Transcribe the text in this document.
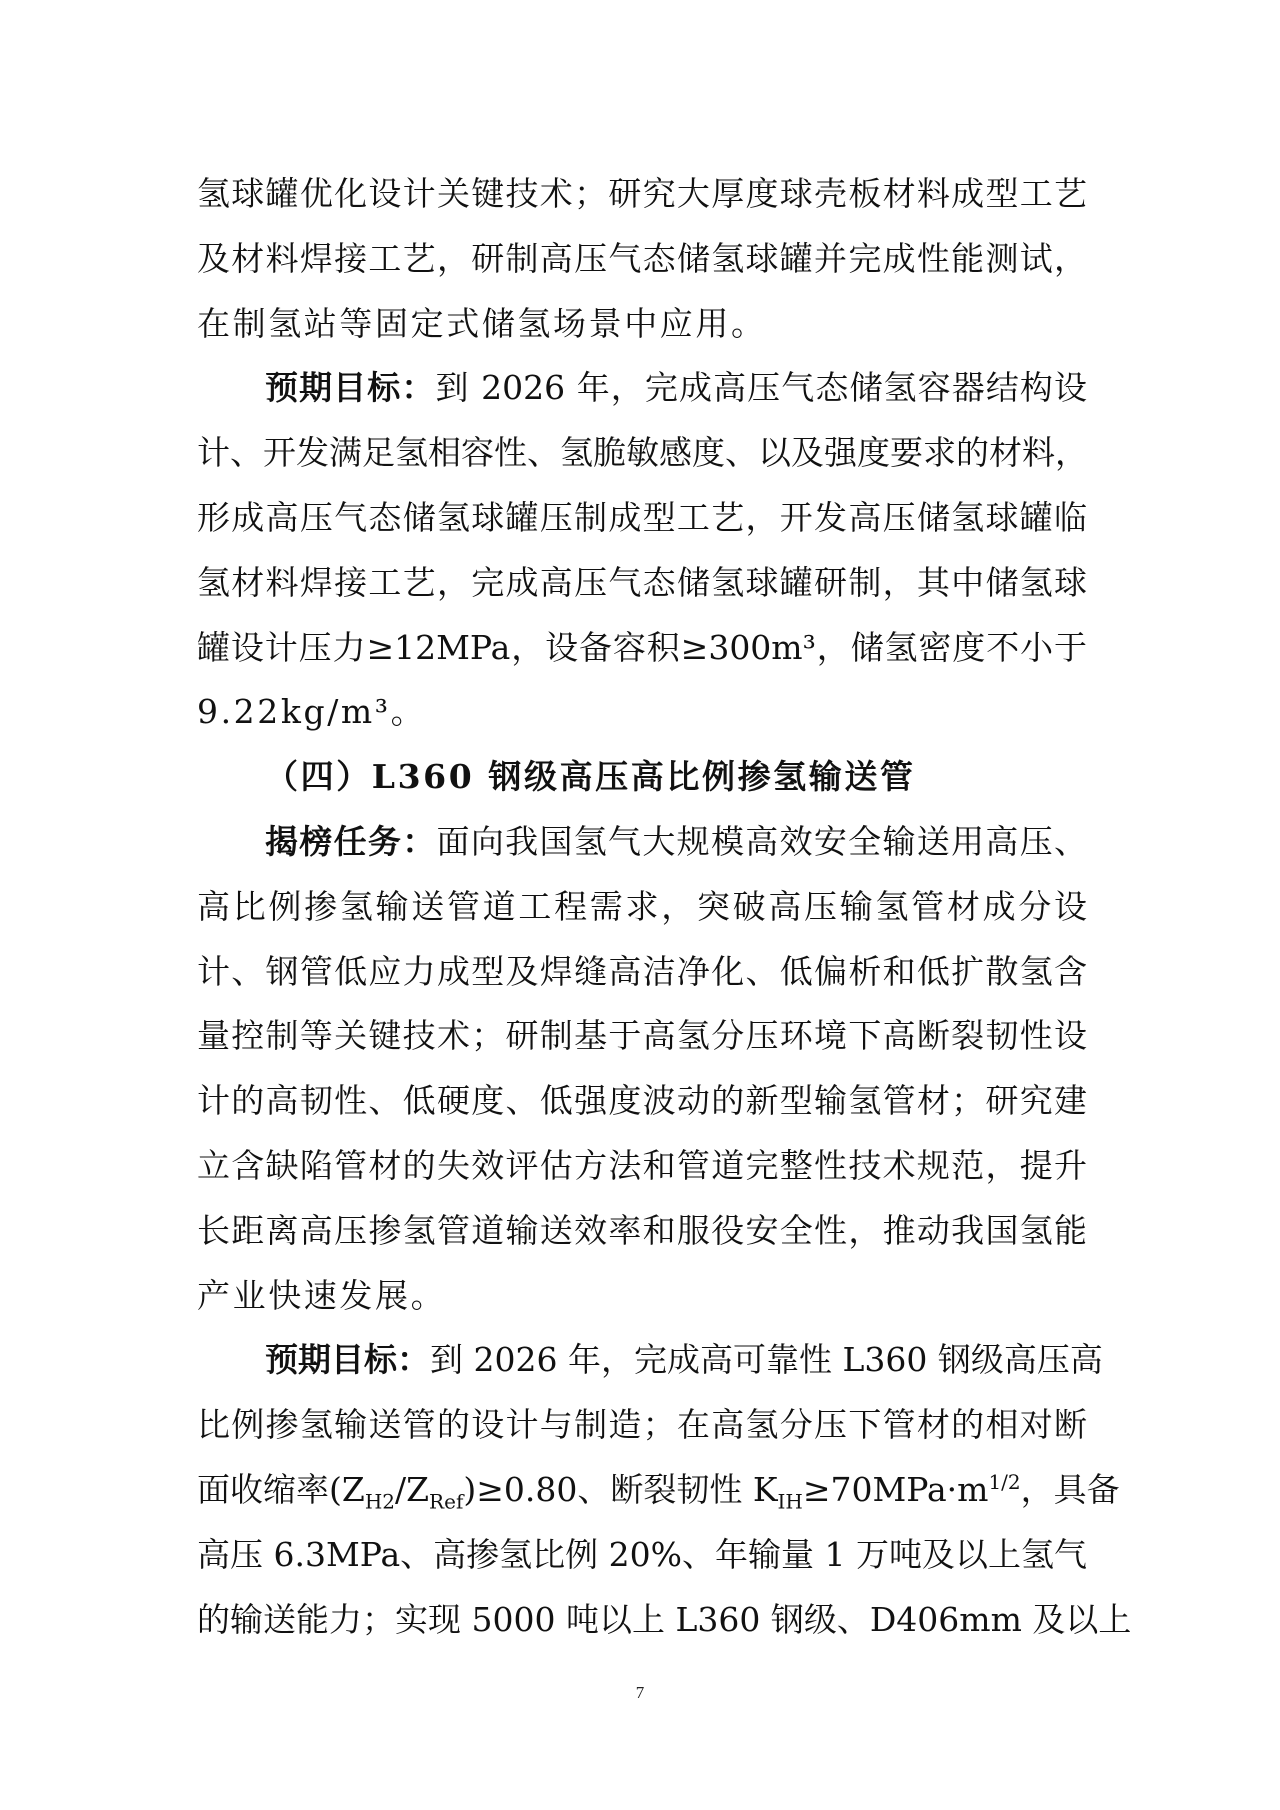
氢球罐优化设计关键技术；研究大厚度球壳板材料成型工艺
及材料焊接工艺，研制高压气态储氢球罐并完成性能测试，
在制氢站等固定式储氢场景中应用。
预期目标：到 2026 年，完成高压气态储氢容器结构设
计、开发满足氢相容性、氢脆敏感度、以及强度要求的材料，
形成高压气态储氢球罐压制成型工艺，开发高压储氢球罐临
氢材料焊接工艺，完成高压气态储氢球罐研制，其中储氢球
罐设计压力≥12MPa，设备容积≥300m³，储氢密度不小于
9.22kg/m³。
（四）L360 钢级高压高比例掺氢输送管
揭榜任务：面向我国氢气大规模高效安全输送用高压、
高比例掺氢输送管道工程需求，突破高压输氢管材成分设
计、钢管低应力成型及焊缝高洁净化、低偏析和低扩散氢含
量控制等关键技术；研制基于高氢分压环境下高断裂韧性设
计的高韧性、低硬度、低强度波动的新型输氢管材；研究建
立含缺陷管材的失效评估方法和管道完整性技术规范，提升
长距离高压掺氢管道输送效率和服役安全性，推动我国氢能
产业快速发展。
预期目标：到 2026 年，完成高可靠性 L360 钢级高压高
比例掺氢输送管的设计与制造；在高氢分压下管材的相对断
面收缩率$(Z_{H2}/Z_{Ref})\ge 0.80$、断裂韧性 $K_{IH}\ge 70MPa\cdot m^{1/2}$，具备
高压 6.3MPa、高掺氢比例 20%、年输量 1 万吨及以上氢气
的输送能力；实现 5000 吨以上 L360 钢级、D406mm 及以上
7
